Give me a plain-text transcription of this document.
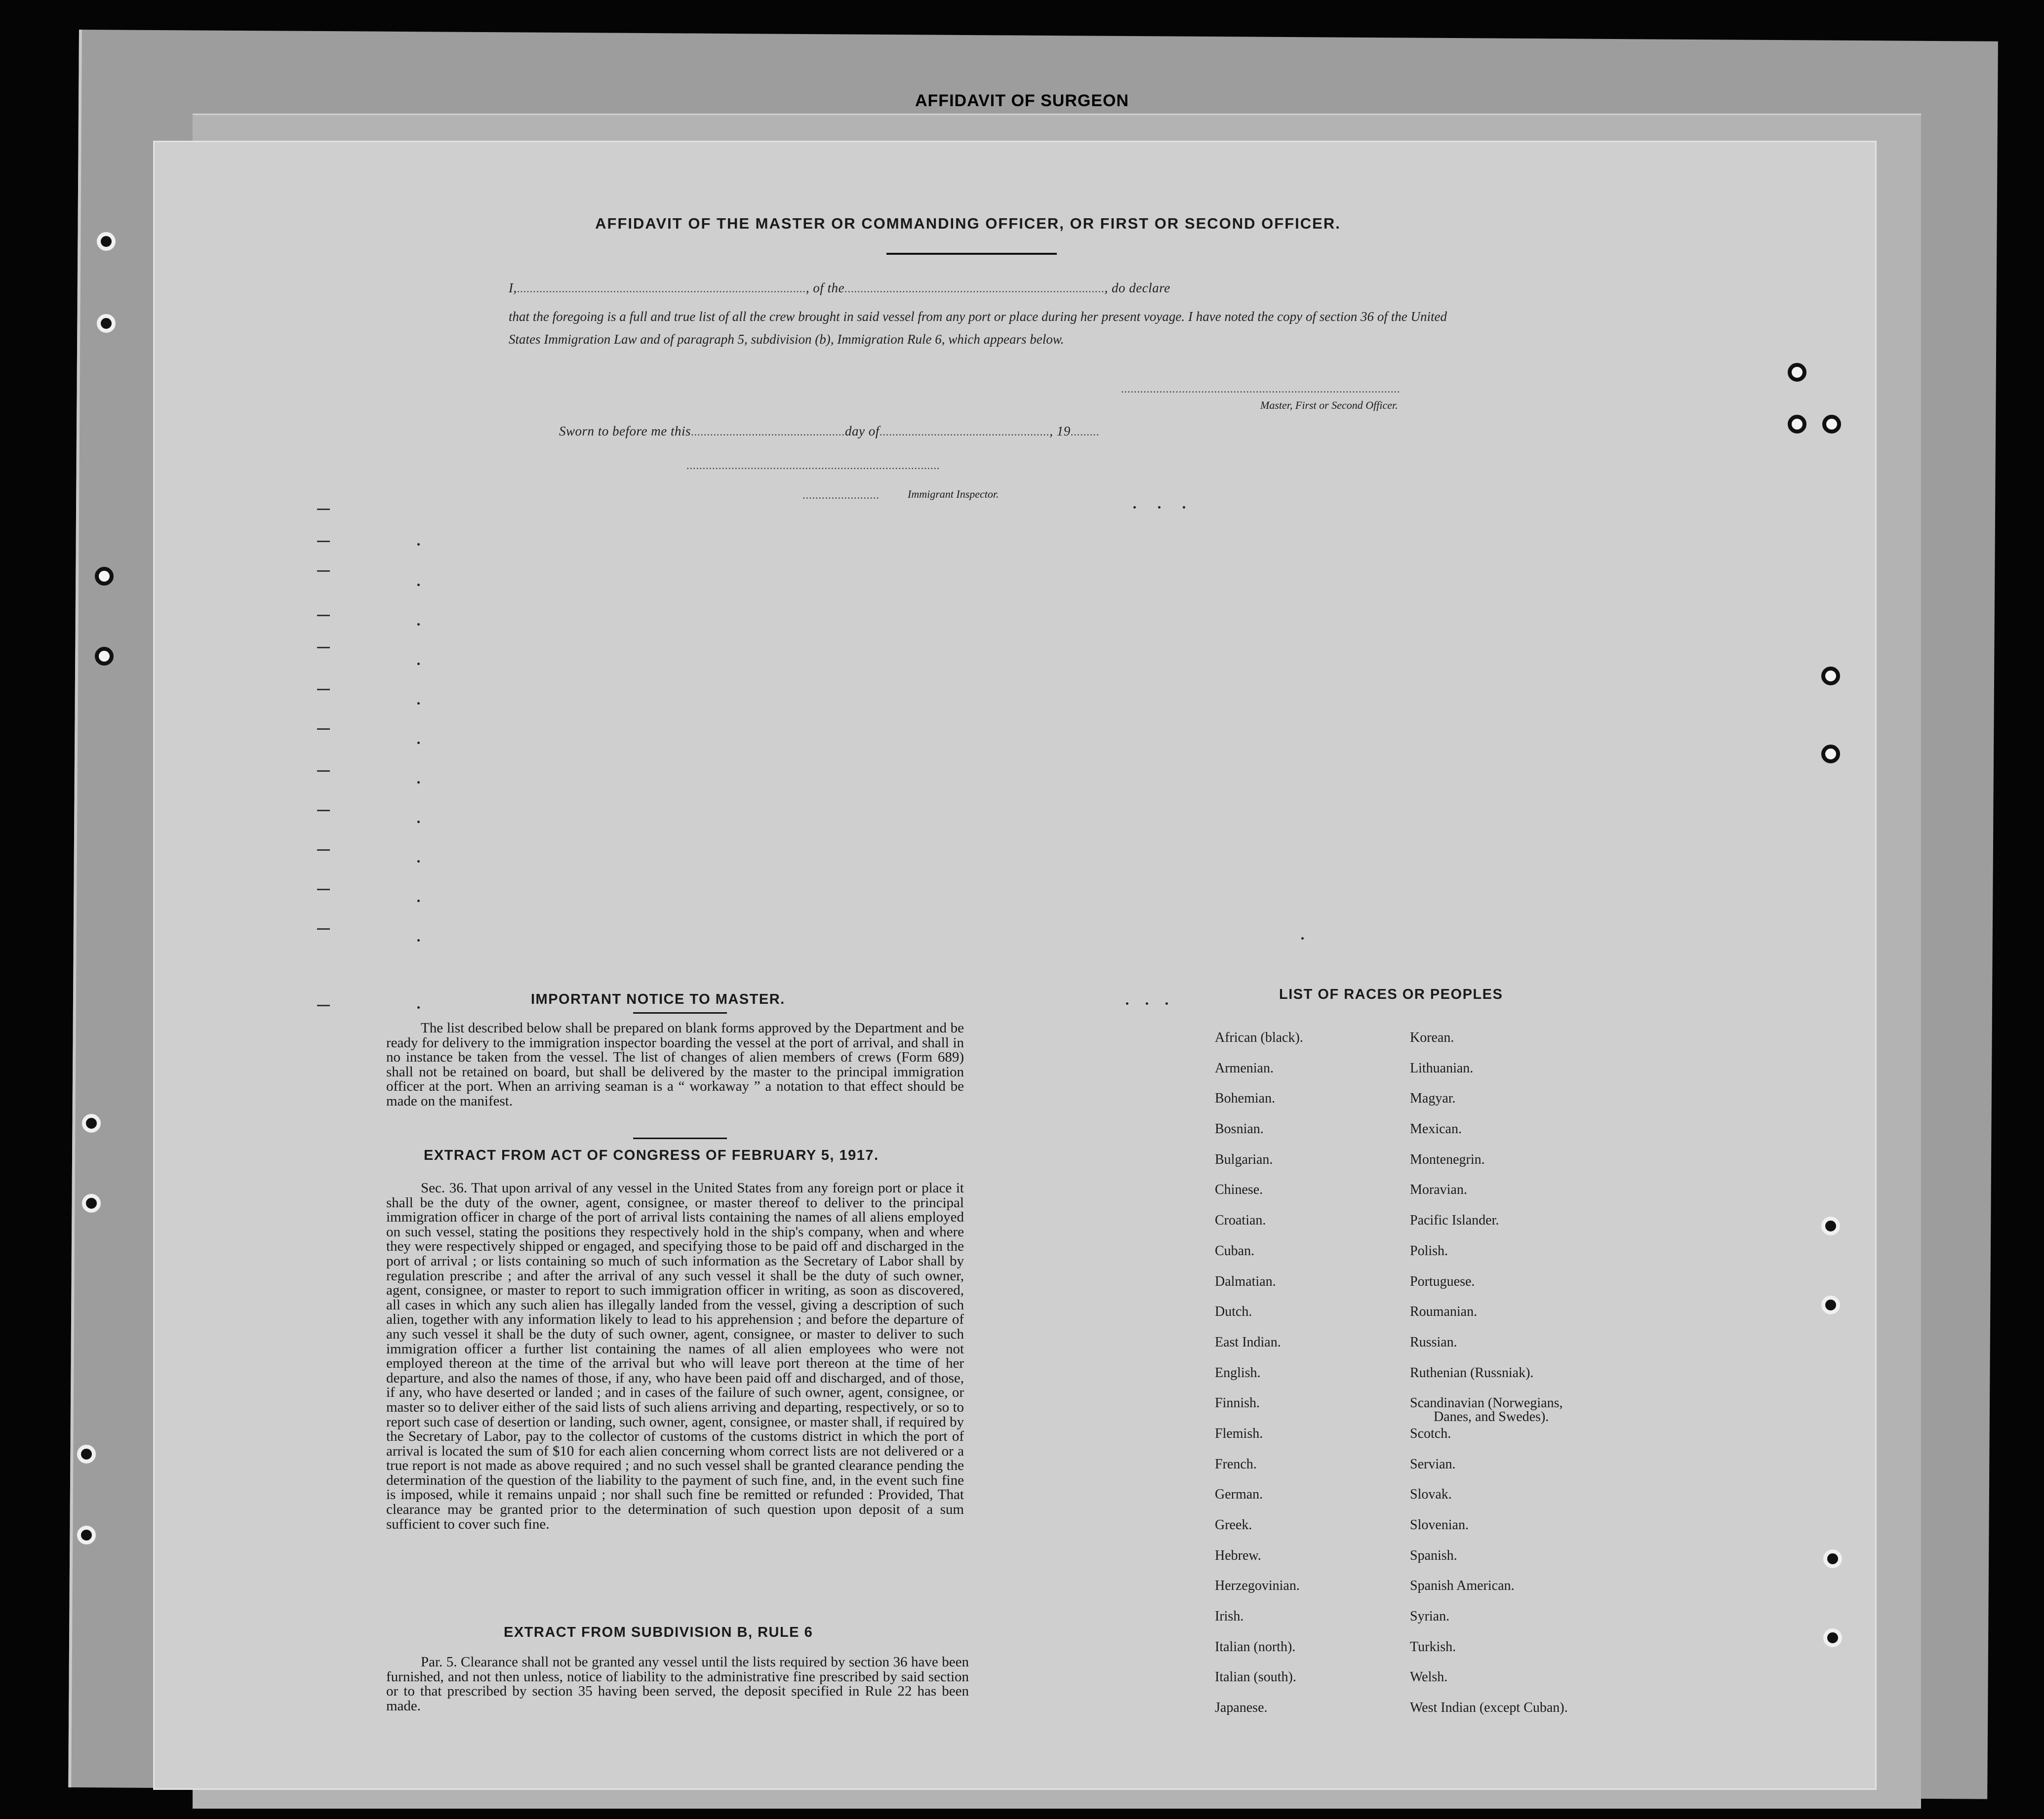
AFFIDAVIT OF SURGEON
AFFIDAVIT OF THE MASTER OR COMMANDING OFFICER, OR FIRST OR SECOND OFFICER.
I,.........................................................................................., of the................................................................................., do declare
that the foregoing is a full and true list of all the crew brought in said vessel from any port or place during her present voyage. I have noted the copy of section 36 of the United States Immigration Law and of paragraph 5, subdivision (b), Immigration Rule 6, which appears below.
.......................................................................................
Master, First or Second Officer.
Sworn to before me this................................................day of....................................................., 19.........
...............................................................................
........................	Immigrant Inspector.
IMPORTANT NOTICE TO MASTER.

The list described below shall be prepared on blank forms approved by the Department and be ready for delivery to the immigration inspector boarding the vessel at the port of arrival, and shall in no instance be taken from the vessel. The list of changes of alien members of crews (Form 689) shall not be retained on board, but shall be delivered by the master to the principal immigration officer at the port. When an arriving seaman is a “ workaway ” a notation to that effect should be made on the manifest.

EXTRACT FROM ACT OF CONGRESS OF FEBRUARY 5, 1917.

Sec. 36. That upon arrival of any vessel in the United States from any foreign port or place it shall be the duty of the owner, agent, consignee, or master thereof to deliver to the principal immigration officer in charge of the port of arrival lists containing the names of all aliens employed on such vessel, stating the positions they respectively hold in the ship's company, when and where they were respectively shipped or engaged, and specifying those to be paid off and discharged in the port of arrival ; or lists containing so much of such information as the Secretary of Labor shall by regulation prescribe ; and after the arrival of any such vessel it shall be the duty of such owner, agent, consignee, or master to report to such immigration officer in writing, as soon as discovered, all cases in which any such alien has illegally landed from the vessel, giving a description of such alien, together with any information likely to lead to his apprehension ; and before the departure of any such vessel it shall be the duty of such owner, agent, consignee, or master to deliver to such immigration officer a further list containing the names of all alien employees who were not employed thereon at the time of the arrival but who will leave port thereon at the time of her departure, and also the names of those, if any, who have been paid off and discharged, and of those, if any, who have deserted or landed ; and in cases of the failure of such owner, agent, consignee, or master so to deliver either of the said lists of such aliens arriving and departing, respectively, or so to report such case of desertion or landing, such owner, agent, consignee, or master shall, if required by the Secretary of Labor, pay to the collector of customs of the customs district in which the port of arrival is located the sum of $10 for each alien concerning whom correct lists are not delivered or a true report is not made as above required ; and no such vessel shall be granted clearance pending the determination of the question of the liability to the payment of such fine, and, in the event such fine is imposed, while it remains unpaid ; nor shall such fine be remitted or refunded : Provided, That clearance may be granted prior to the determination of such question upon deposit of a sum sufficient to cover such fine.

EXTRACT FROM SUBDIVISION B, RULE 6

Par. 5. Clearance shall not be granted any vessel until the lists required by section 36 have been furnished, and not then unless, notice of liability to the administrative fine prescribed by said section or to that prescribed by section 35 having been served, the deposit specified in Rule 22 has been made.

LIST OF RACES OR PEOPLES
African (black).
Armenian.
Bohemian.
Bosnian.
Bulgarian.
Chinese.
Croatian.
Cuban.
Dalmatian.
Dutch.
East Indian.
English.
Finnish.
Flemish.
French.
German.
Greek.
Hebrew.
Herzegovinian.
Irish.
Italian (north).
Italian (south).
Japanese.
Korean.
Lithuanian.
Magyar.
Mexican.
Montenegrin.
Moravian.
Pacific Islander.
Polish.
Portuguese.
Roumanian.
Russian.
Ruthenian (Russniak).
Scandinavian (Norwegians,
Danes, and Swedes).
Scotch.
Servian.
Slovak.
Slovenian.
Spanish.
Spanish American.
Syrian.
Turkish.
Welsh.
West Indian (except Cuban).
